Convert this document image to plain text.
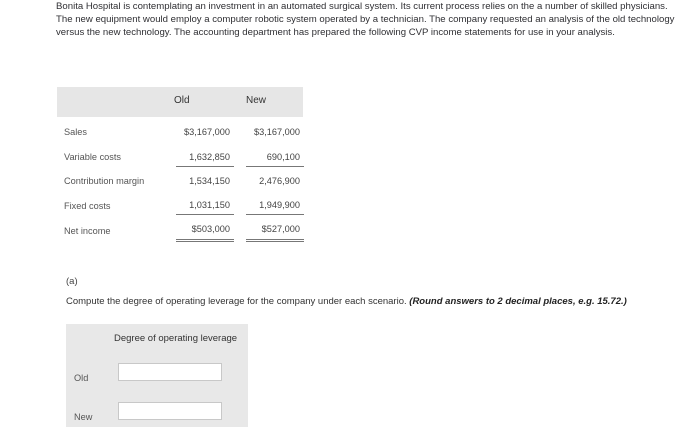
Bonita Hospital is contemplating an investment in an automated surgical system. Its current process relies on the a number of skilled physicians. The new equipment would employ a computer robotic system operated by a technician. The company requested an analysis of the old technology versus the new technology. The accounting department has prepared the following CVP income statements for use in your analysis.

Old	New
Sales	$3,167,000	$3,167,000
Variable costs	1,632,850	690,100
Contribution margin	1,534,150	2,476,900
Fixed costs	1,031,150	1,949,900
Net income	$503,000	$527,000
(a)
Compute the degree of operating leverage for the company under each scenario. (Round answers to 2 decimal places, e.g. 15.72.)
Degree of operating leverage
Old
New
